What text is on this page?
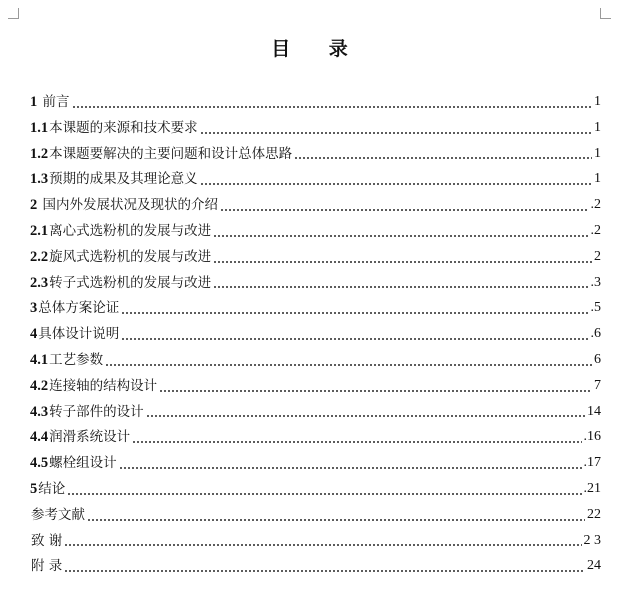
目 录
1 前言	1
1.1本课题的来源和技术要求	1
1.2本课题要解决的主要问题和设计总体思路	1
1.3预期的成果及其理论意义	1
2 国内外发展状况及现状的介绍	.2
2.1离心式选粉机的发展与改进	.2
2.2旋风式选粉机的发展与改进	2
2.3转子式选粉机的发展与改进	.3
3总体方案论证	.5
4具体设计说明	.6
4.1工艺参数	6
4.2连接轴的结构设计	7
4.3转子部件的设计	14
4.4润滑系统设计	.16
4.5螺栓组设计	.17
5结论	.21
参考文献	22
致 谢	2 3
附 录	24
